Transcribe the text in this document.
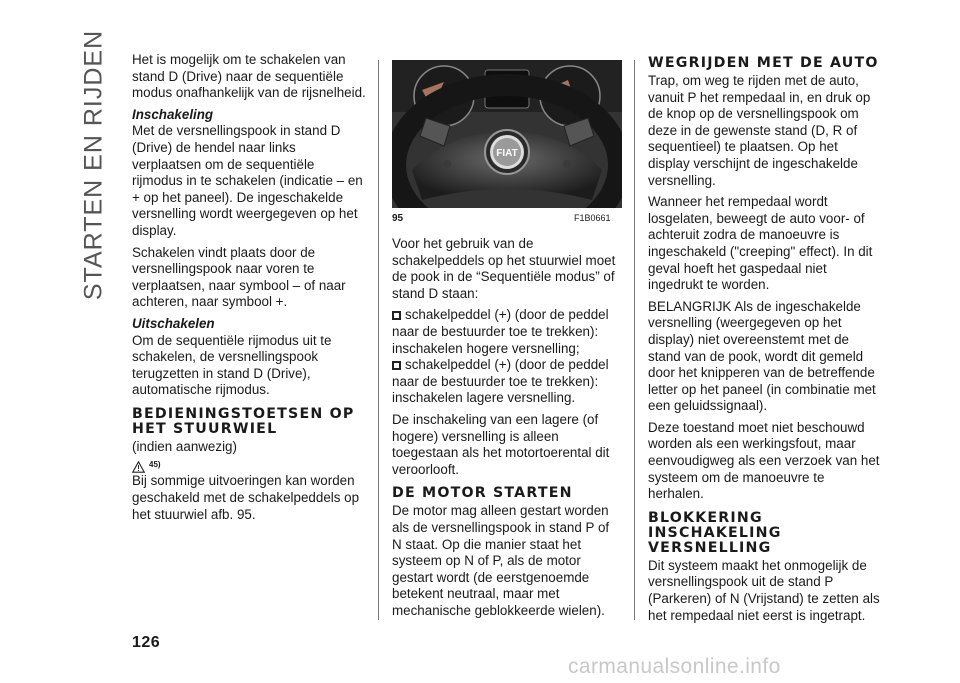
STARTEN EN RIJDEN Het is mogelijk om te schakelen van stand D (Drive) naar de sequentiële modus onafhankelijk van de rijsnelheid.

Inschakeling

Met de versnellingspook in stand D (Drive) de hendel naar links verplaatsen om de sequentiële rijmodus in te schakelen (indicatie – en + op het paneel). De ingeschakelde versnelling wordt weergegeven op het display.

Schakelen vindt plaats door de versnellingspook naar voren te verplaatsen, naar symbool – of naar achteren, naar symbool +.

Uitschakelen

Om de sequentiële rijmodus uit te schakelen, de versnellingspook terugzetten in stand D (Drive), automatische rijmodus.

BEDIENINGSTOETSEN OP HET STUURWIEL

(indien aanwezig)

45)

Bij sommige uitvoeringen kan worden geschakeld met de schakelpeddels op het stuurwiel afb. 95.

km/h
FIAT
95	F1B0661

Voor het gebruik van de schakelpeddels op het stuurwiel moet de pook in de “Sequentiële modus” of stand D staan:

schakelpeddel (+) (door de peddel naar de bestuurder toe te trekken): inschakelen hogere versnelling;

schakelpeddel (+) (door de peddel naar de bestuurder toe te trekken): inschakelen lagere versnelling.

De inschakeling van een lagere (of hogere) versnelling is alleen toegestaan als het motortoerental dit veroorlooft.

DE MOTOR STARTEN

De motor mag alleen gestart worden als de versnellingspook in stand P of N staat. Op die manier staat het systeem op N of P, als de motor gestart wordt (de eerstgenoemde betekent neutraal, maar met mechanische geblokkeerde wielen).

WEGRIJDEN MET DE AUTO

Trap, om weg te rijden met de auto, vanuit P het rempedaal in, en druk op de knop op de versnellingspook om deze in de gewenste stand (D, R of sequentieel) te plaatsen. Op het display verschijnt de ingeschakelde versnelling.

Wanneer het rempedaal wordt losgelaten, beweegt de auto voor- of achteruit zodra de manoeuvre is ingeschakeld ("creeping" effect). In dit geval hoeft het gaspedaal niet ingedrukt te worden.

BELANGRIJK Als de ingeschakelde versnelling (weergegeven op het display) niet overeenstemt met de stand van de pook, wordt dit gemeld door het knipperen van de betreffende letter op het paneel (in combinatie met een geluidssignaal).

Deze toestand moet niet beschouwd worden als een werkingsfout, maar eenvoudigweg als een verzoek van het systeem om de manoeuvre te herhalen.

BLOKKERING INSCHAKELING VERSNELLING

Dit systeem maakt het onmogelijk de versnellingspook uit de stand P (Parkeren) of N (Vrijstand) te zetten als het rempedaal niet eerst is ingetrapt.

126
carmanualsonline.info
